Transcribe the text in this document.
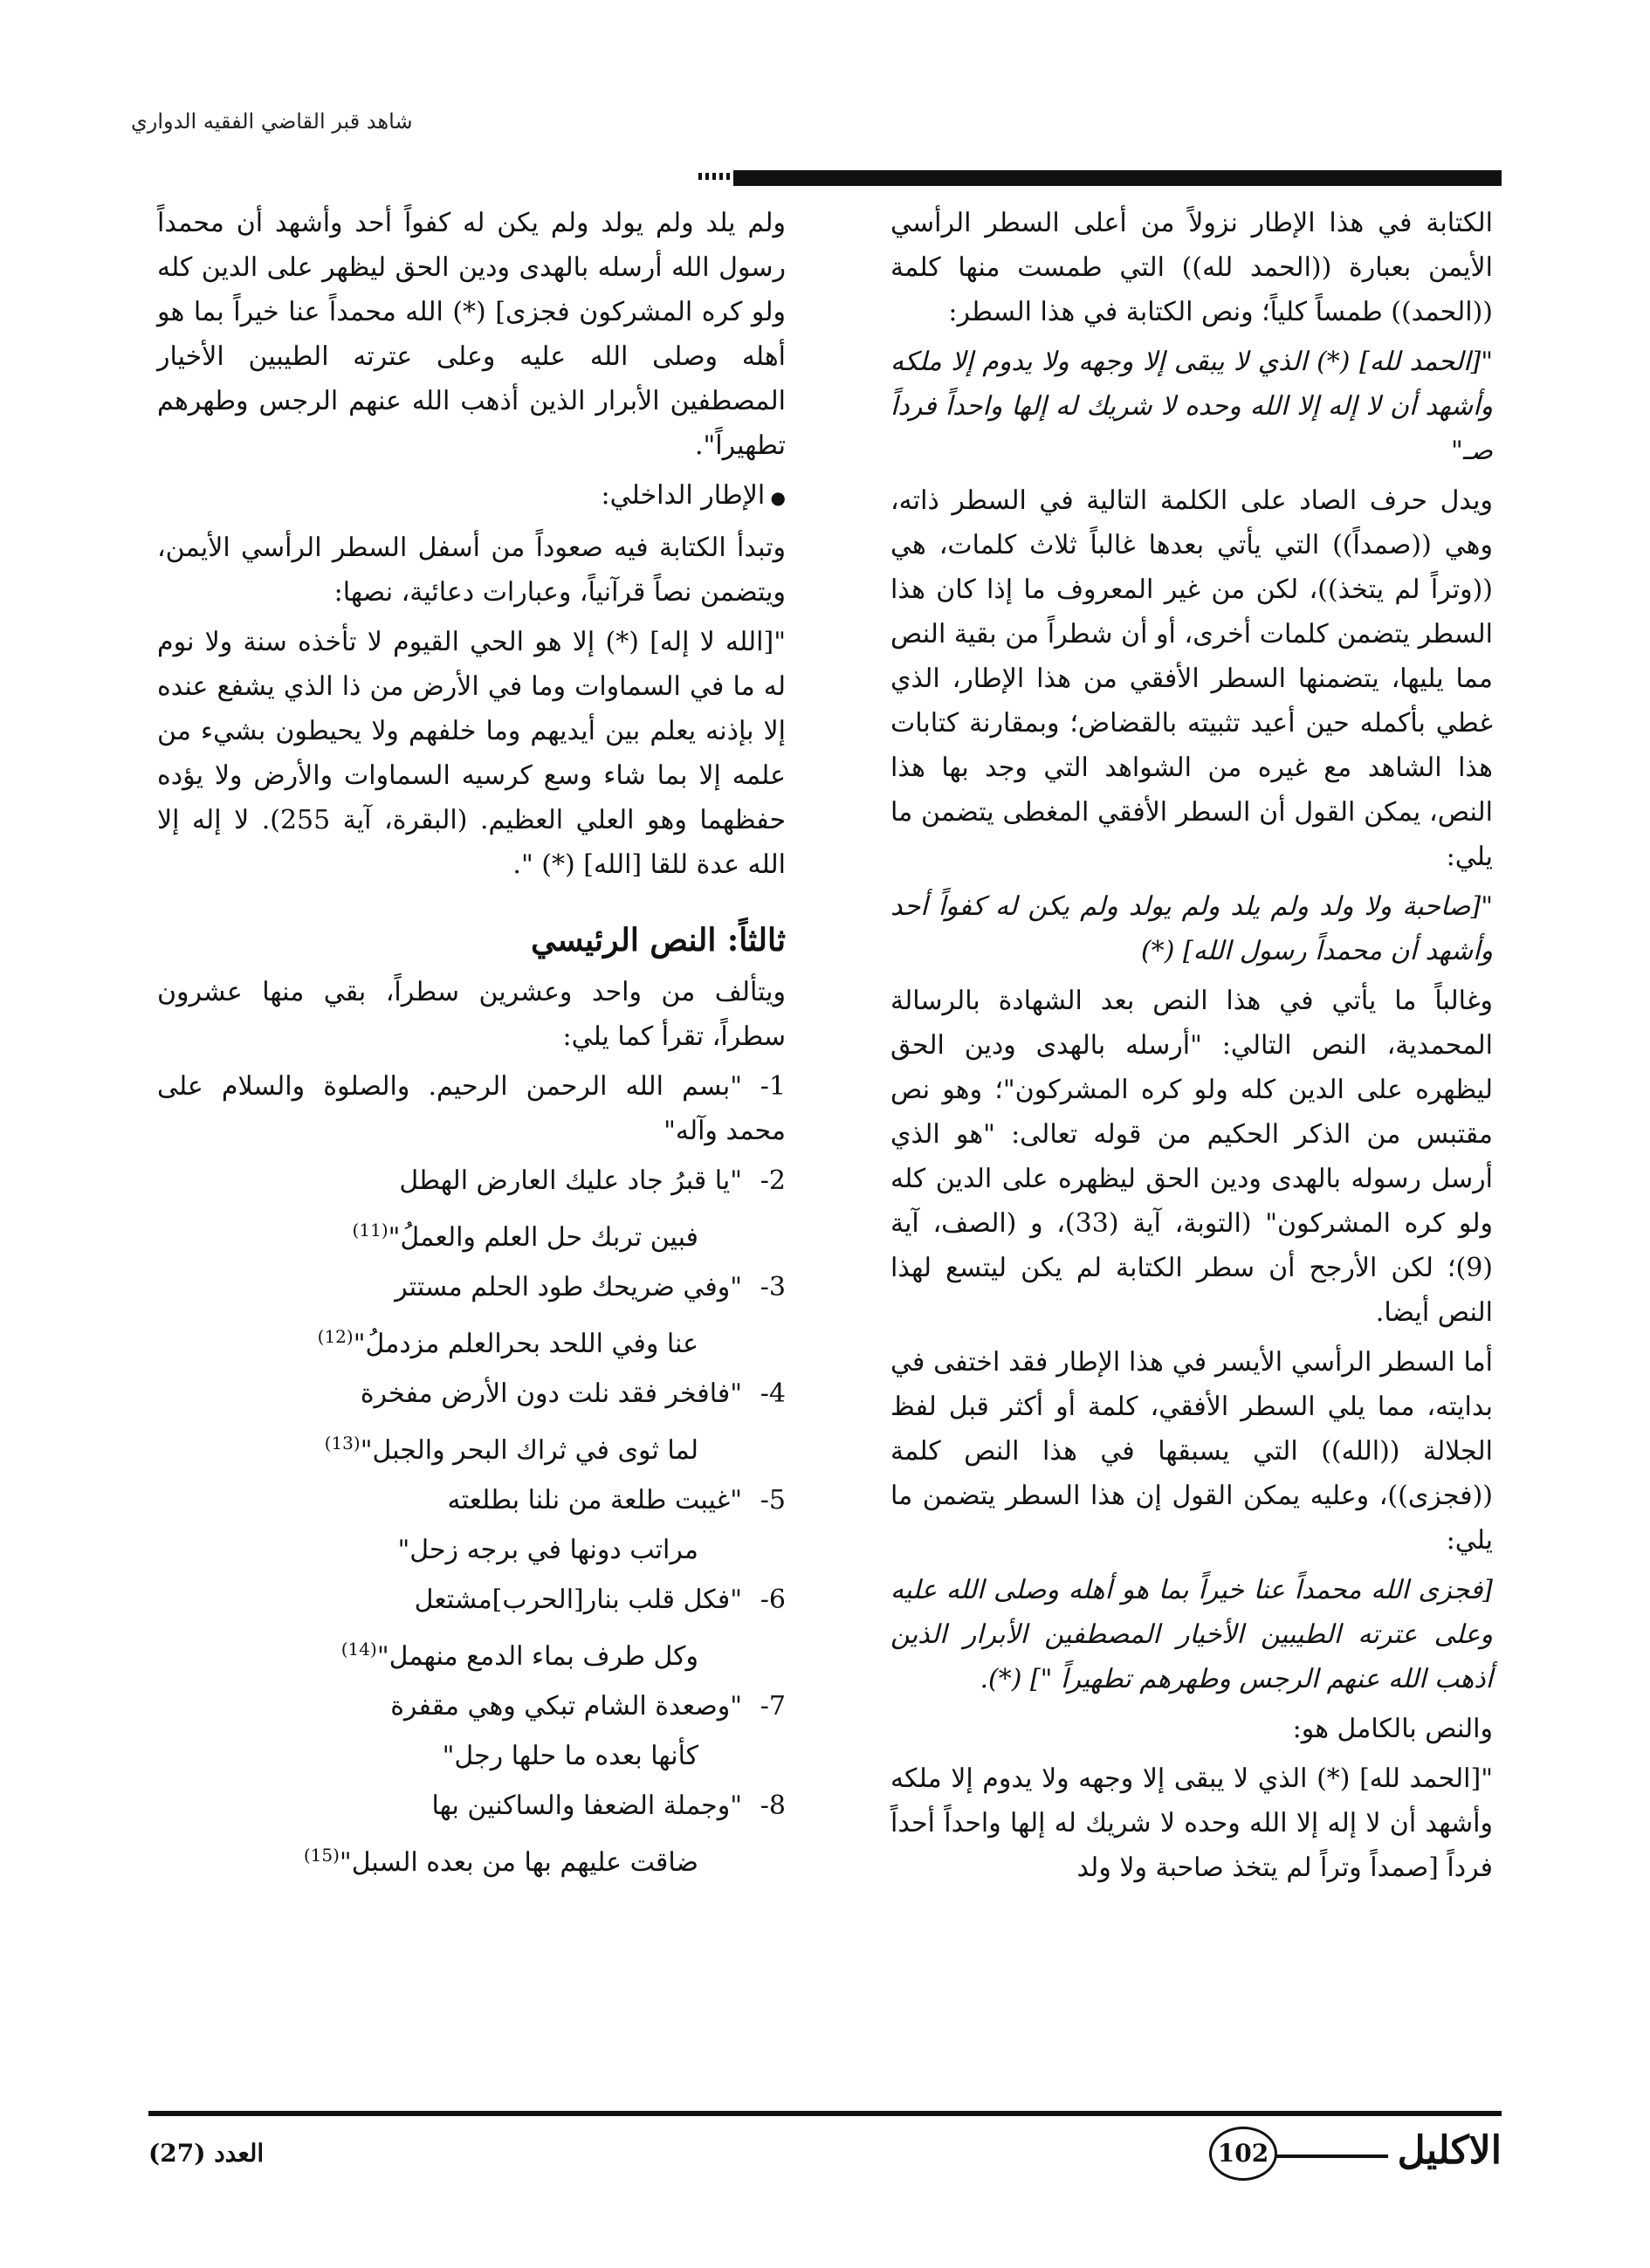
شاهد قبر القاضي الفقيه الدواري

الكتابة في هذا الإطار نزولاً من أعلى السطر الرأسي الأيمن بعبارة ((الحمد لله)) التي طمست منها كلمة ((الحمد)) طمساً كلياً؛ ونص الكتابة في هذا السطر:

"[الحمد لله] (*) الذي لا يبقى إلا وجهه ولا يدوم إلا ملكه وأشهد أن لا إله إلا الله وحده لا شريك له إلها واحداً فرداً صـ"

ويدل حرف الصاد على الكلمة التالية في السطر ذاته، وهي ((صمداً)) التي يأتي بعدها غالباً ثلاث كلمات، هي ((وتراً لم يتخذ))، لكن من غير المعروف ما إذا كان هذا السطر يتضمن كلمات أخرى، أو أن شطراً من بقية النص مما يليها، يتضمنها السطر الأفقي من هذا الإطار، الذي غطي بأكمله حين أعيد تثبيته بالقضاض؛ وبمقارنة كتابات هذا الشاهد مع غيره من الشواهد التي وجد بها هذا النص، يمكن القول أن السطر الأفقي المغطى يتضمن ما يلي:

"[صاحبة ولا ولد ولم يلد ولم يولد ولم يكن له كفواً أحد وأشهد أن محمداً رسول الله] (*)

وغالباً ما يأتي في هذا النص بعد الشهادة بالرسالة المحمدية، النص التالي: "أرسله بالهدى ودين الحق ليظهره على الدين كله ولو كره المشركون"؛ وهو نص مقتبس من الذكر الحكيم من قوله تعالى: "هو الذي أرسل رسوله بالهدى ودين الحق ليظهره على الدين كله ولو كره المشركون" (التوبة، آية (33)، و (الصف، آية (9)؛ لكن الأرجح أن سطر الكتابة لم يكن ليتسع لهذا النص أيضا.

أما السطر الرأسي الأيسر في هذا الإطار فقد اختفى في بدايته، مما يلي السطر الأفقي، كلمة أو أكثر قبل لفظ الجلالة ((الله)) التي يسبقها في هذا النص كلمة ((فجزى))، وعليه يمكن القول إن هذا السطر يتضمن ما يلي:

[فجزى الله محمداً عنا خيراً بما هو أهله وصلى الله عليه وعلى عترته الطيبين الأخيار المصطفين الأبرار الذين أذهب الله عنهم الرجس وطهرهم تطهيراً "] (*).

والنص بالكامل هو:

"[الحمد لله] (*) الذي لا يبقى إلا وجهه ولا يدوم إلا ملكه وأشهد أن لا إله إلا الله وحده لا شريك له إلها واحداً أحداً فرداً [صمداً وتراً لم يتخذ صاحبة ولا ولد

ولم يلد ولم يولد ولم يكن له كفواً أحد وأشهد أن محمداً رسول الله أرسله بالهدى ودين الحق ليظهر على الدين كله ولو كره المشركون فجزى] (*) الله محمداً عنا خيراً بما هو أهله وصلى الله عليه وعلى عترته الطيبين الأخيار المصطفين الأبرار الذين أذهب الله عنهم الرجس وطهرهم تطهيراً".

● الإطار الداخلي:

وتبدأ الكتابة فيه صعوداً من أسفل السطر الرأسي الأيمن، ويتضمن نصاً قرآنياً، وعبارات دعائية، نصها:

"[الله لا إله] (*) إلا هو الحي القيوم لا تأخذه سنة ولا نوم له ما في السماوات وما في الأرض من ذا الذي يشفع عنده إلا بإذنه يعلم بين أيديهم وما خلفهم ولا يحيطون بشيء من علمه إلا بما شاء وسع كرسيه السماوات والأرض ولا يؤده حفظهما وهو العلي العظيم. (البقرة، آية 255). لا إله إلا الله عدة للقا [الله] (*) ".

ثالثاً: النص الرئيسي

ويتألف من واحد وعشرين سطراً، بقي منها عشرون سطراً، تقرأ كما يلي:

1-"بسم الله الرحمن الرحيم. والصلوة والسلام على محمد وآله"

2-"يا قبرُ جاد عليك العارض الهطل

فبين تربك حل العلم والعملُ"$^{(11)}$

3-"وفي ضريحك طود الحلم مستتر

عنا وفي اللحد بحرالعلم مزدملُ"$^{(12)}$

4-"فافخر فقد نلت دون الأرض مفخرة

لما ثوى في ثراك البحر والجبل"$^{(13)}$

5-"غيبت طلعة من نلنا بطلعته

مراتب دونها في برجه زحل"

6-"فكل قلب بنار[الحرب]مشتعل

وكل طرف بماء الدمع منهمل"$^{(14)}$

7-"وصعدة الشام تبكي وهي مقفرة

كأنها بعده ما حلها رجل"

8-"وجملة الضعفا والساكنين بها

ضاقت عليهم بها من بعده السبل"$^{(15)}$

الاكليل
102
العدد (27)
